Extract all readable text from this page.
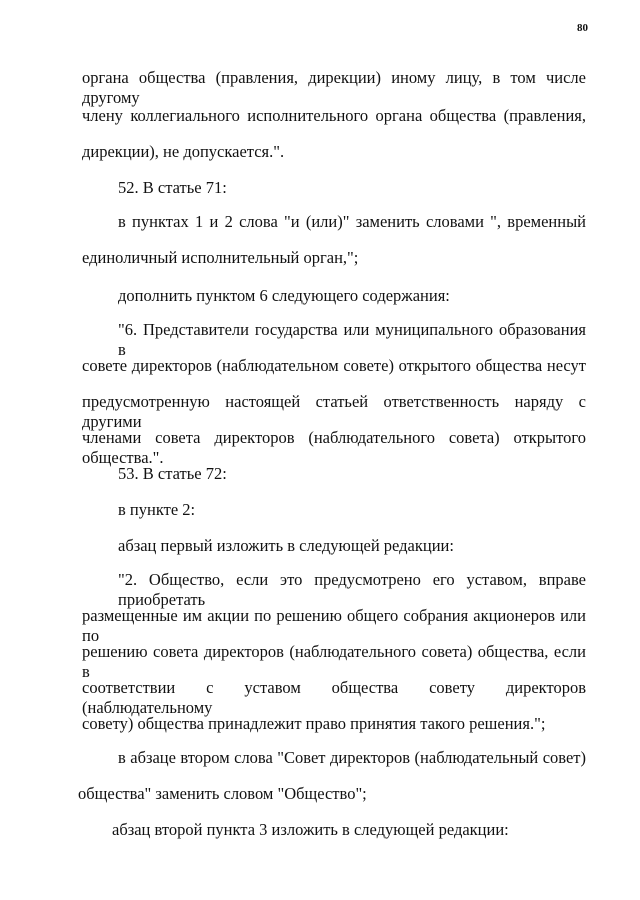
80
органа общества (правления, дирекции) иному лицу, в том числе другому
члену коллегиального исполнительного органа общества (правления,
дирекции), не допускается.".
52. В статье 71:
в пунктах 1 и 2 слова "и (или)" заменить словами ", временный
единоличный исполнительный орган,";
дополнить пунктом 6 следующего содержания:
"6. Представители государства или муниципального образования в
совете директоров (наблюдательном совете) открытого общества несут
предусмотренную настоящей статьей ответственность наряду с другими
членами совета директоров (наблюдательного совета) открытого общества.".
53. В статье 72:
в пункте 2:
абзац первый изложить в следующей редакции:
"2. Общество, если это предусмотрено его уставом, вправе приобретать
размещенные им акции по решению общего собрания акционеров или по
решению совета директоров (наблюдательного совета) общества, если в
соответствии с уставом общества совету директоров (наблюдательному
совету) общества принадлежит право принятия такого решения.";
в абзаце втором слова "Совет директоров (наблюдательный совет)
общества" заменить словом "Общество";
абзац второй пункта 3 изложить в следующей редакции:
